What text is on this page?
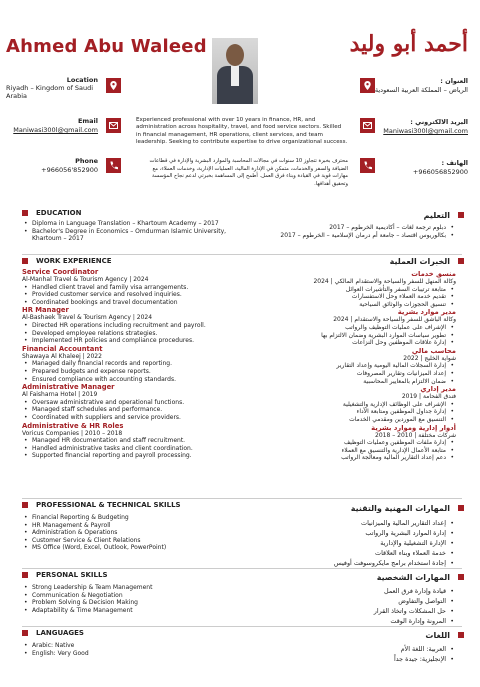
Ahmed Abu Waleed	أحمد أبو وليد
Location
Riyadh – Kingdom of Saudi
Arabia
Email
Maniwasi300l@gmail.com
Phone
+966056'852900
العنوان :
الرياض – المملكة العربية السعودية
البريد الالكتروني :
Maniwasi300l@gmail.com
الهاتف :
+966056852900
Experienced professional with over 10 years in finance, HR, and administration across hospitality, travel, and food service sectors. Skilled in financial management, HR operations, client services, and team leadership. Seeking to contribute expertise to drive organizational success.
محترف بخبرة تتجاوز 10 سنوات في مجالات المحاسبة والموارد البشرية والإدارة في قطاعات الضيافة والسفر والخدمات، متمكن في الإدارة المالية، العمليات الإدارية، وخدمات العملاء، مع مهارات قوية في القيادة وبناء فرق العمل. أطمح إلى المساهمة بخبرتي لدعم نجاح المؤسسة وتحقيق أهدافها.
EDUCATION	التعليم
• Diploma in Language Translation – Khartoum Academy – 2017
• Bachelor's Degree in Economics – Omdurman Islamic University, Khartoum – 2017
• دبلوم ترجمة لغات – أكاديمية الخرطوم – 2017
• بكالوريوس اقتصاد – جامعة أم درمان الإسلامية – الخرطوم – 2017
WORK EXPERIENCE	الخبرات العملية
Service Coordinator
Al-Manhal Travel & Tourism Agency | 2024
• Handled client travel and family visa arrangements.
• Provided customer service and resolved inquiries.
• Coordinated bookings and travel documentation
HR Manager
Al-Bashaek Travel & Tourism Agency | 2024
• Directed HR operations including recruitment and payroll.
• Developed employee relations strategies.
• Implemented HR policies and compliance procedures.
Financial Accountant
Shawaya Al Khaleej | 2022
• Managed daily financial records and reporting.
• Prepared budgets and expense reports.
• Ensured compliance with accounting standards.
Administrative Manager
Al Faisharna Hotel | 2019
• Oversaw administrative and operational functions.
• Managed staff schedules and performance.
• Coordinated with suppliers and service providers.
Administrative & HR Roles
Voricus Companies | 2010 – 2018
• Managed HR documentation and staff recruitment.
• Handled administrative tasks and client coordination.
• Supported financial reporting and payroll processing.
منسق خدمات
وكالة المنهل للسفر والسياحة والاستقدام المالكي | 2024
• متابعة ترتيبات السفر والتأشيرات العوائل
• تقديم خدمة العملاء وحل الاستفسارات
• تنسيق الحجوزات والوثائق السياحية
مدير موارد بشرية
وكالة الباشق للسفر والسياحة والاستقدام | 2024
• الإشراف على عمليات التوظيف والرواتب
• تطوير سياسات الموارد البشرية وضمان الالتزام بها
• إدارة علاقات الموظفين وحل النزاعات
محاسب مالي
شواية الخليج | 2022
• إدارة السجلات المالية اليومية وإعداد التقارير
• إعداد الميزانيات وتقارير المصروفات
• ضمان الالتزام بالمعايير المحاسبية
مدير إداري
فندق الفحامة | 2019
• الإشراف على الوظائف الإدارية والتشغيلية
• إدارة جداول الموظفين ومتابعة الأداء
• التنسيق مع الموردين ومقدمي الخدمات
أدوار إدارية وموارد بشرية
شركات مختلفة | 2010 – 2018
• إدارة ملفات الموظفين وعمليات التوظيف
• متابعة الأعمال الإدارية والتنسيق مع العملاء
• دعم إعداد التقارير المالية ومعالجة الرواتب
PROFESSIONAL & TECHNICAL SKILLS	المهارات المهنية والتقنية
• Financial Reporting & Budgeting
• HR Management & Payroll
• Administration & Operations
• Customer Service & Client Relations
• MS Office (Word, Excel, Outlook, PowerPoint)
• إعداد التقارير المالية والميزانيات
• إدارة الموارد البشرية والرواتب
• الإدارة التشغيلية والإدارية
• خدمة العملاء وبناء العلاقات
• إجادة استخدام برامج مايكروسوفت أوفيس
PERSONAL SKILLS	المهارات الشخصية
• Strong Leadership & Team Management
• Communication & Negotiation
• Problem Solving & Decision Making
• Adaptability & Time Management
• قيادة وإدارة فرق العمل
• التواصل والتفاوض
• حل المشكلات واتخاذ القرار
• المرونة وإدارة الوقت
LANGUAGES	اللغات
• Arabic: Native
• English: Very Good
• العربية: اللغة الأم
• الإنجليزية: جيدة جداً
